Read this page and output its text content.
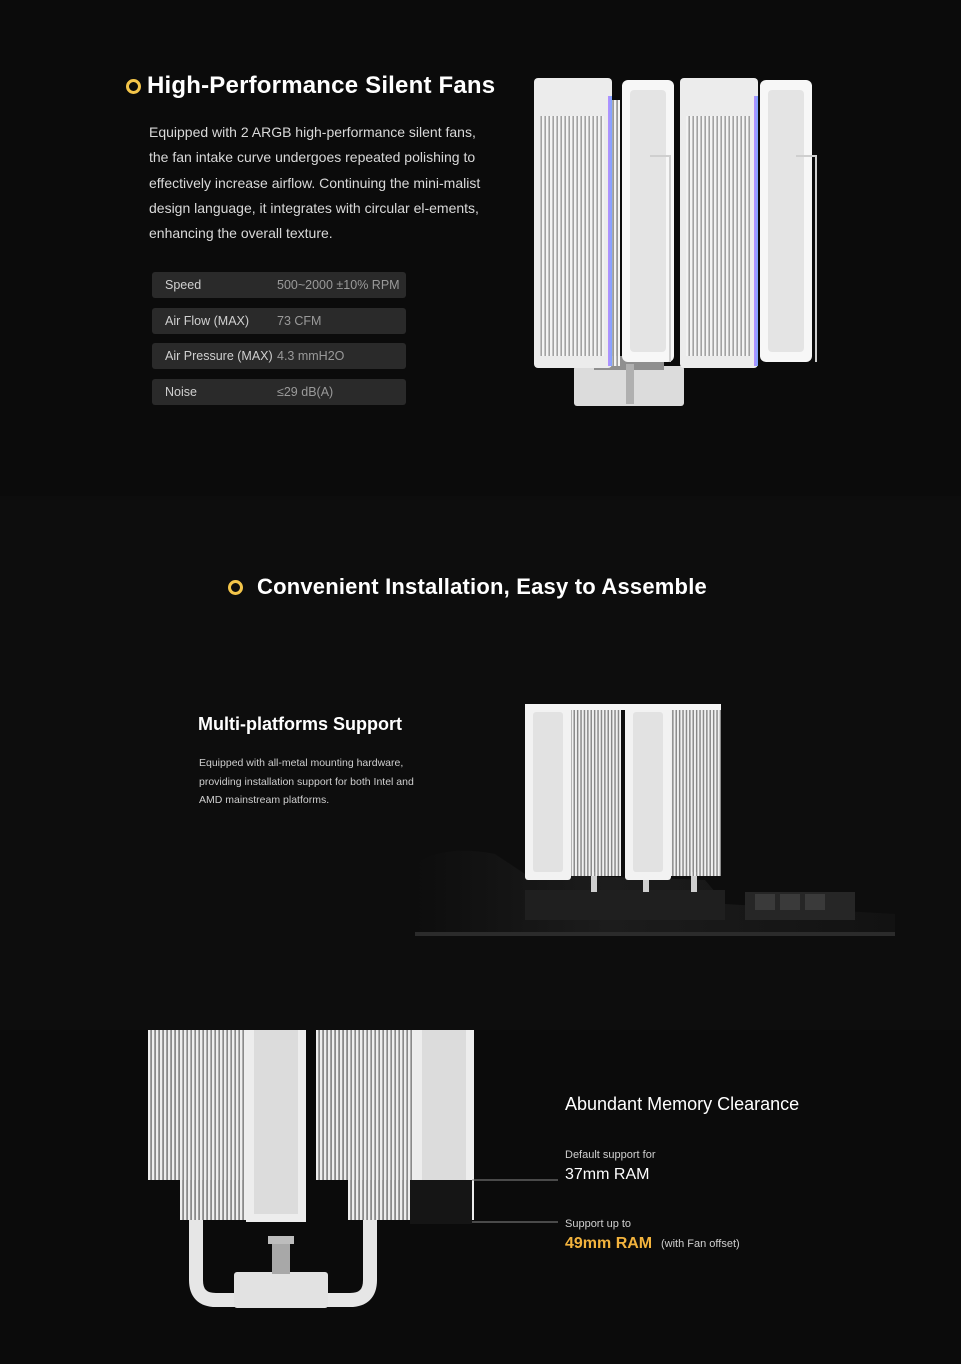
High-Performance Silent Fans

Equipped with 2 ARGB high-performance silent fans, the fan intake curve undergoes repeated polishing to effectively increase airflow. Continuing the mini-malist design language, it integrates with circular el-ements, enhancing the overall texture.

Speed	500~2000 ±10% RPM
Air Flow (MAX)	73 CFM
Air Pressure (MAX) 4.3 mmH2O
Noise	≤29 dB(A)
Convenient Installation, Easy to Assemble
Multi-platforms Support

Equipped with all-metal mounting hardware, providing installation support for both Intel and AMD mainstream platforms.

Abundant Memory Clearance
Default support for
37mm RAM
Support up to
49mm RAM (with Fan offset)
